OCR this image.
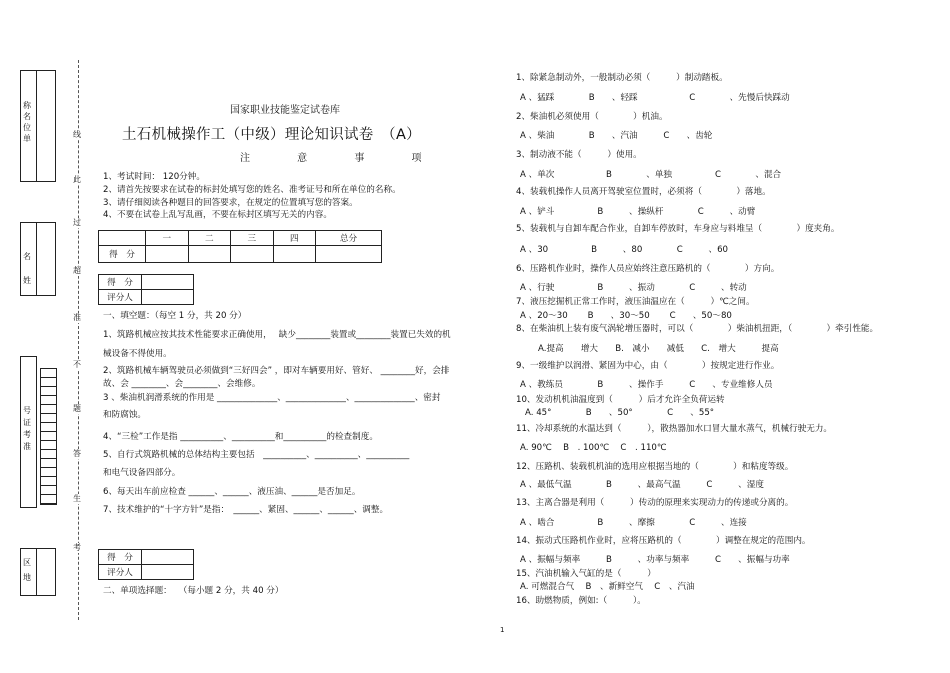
称名位单
名姓
号证考准
区地
线
此
过
超
准
不
题
答
生
考
国家职业技能鉴定试卷库
土石机械操作工（中级）理论知识试卷　（A）
注 意 事 项
1、考试时间： 120分钟。
2、请首先按要求在试卷的标封处填写您的姓名、准考证号和所在单位的名称。
3、请仔细阅读各种题目的回答要求，在规定的位置填写您的答案。
4、不要在试卷上乱写乱画，不要在标封区填写无关的内容。
	一	二	三	四	总分
得　分					
得　分	
评分人	
一、填空题：（每空 1 分，共 20 分）
1、筑路机械应按其技术性能要求正确使用，　 缺少________装置或________装置已失效的机
械设备不得使用。
2、筑路机械车辆驾驶员必须做到“三好四会” ，即对车辆要用好、管好、 ________好，会排
故、会 ________、会________、会维修。
3 、柴油机润滑系统的作用是 ______________、______________、______________、密封
和防腐蚀。
4、“三检”工作是指 __________、__________和__________的检查制度。
5、自行式筑路机械的总体结构主要包括　__________、__________、__________
和电气设备四部分。
6、每天出车前应检查 ______、______、液压油、______是否加足。
7、技术维护的“十字方针”是指：　______、紧固、______、______、调整。
得　分	
评分人	
二、单项选择题：　 （每小题 2 分，共 40 分）
1、除紧急制动外，一般制动必须（　　　）制动踏板。
A 、猛踩　　　　B　　、轻踩　　　　　　C　　　　、先慢后快踩动
2、柴油机必须使用（　　　　）机油。
A 、柴油　　　　B　　、汽油　　　C　　、齿轮
3、制动液不能（　　　）使用。
A 、单次　　　　　　B　　　　、单独　　　　　C　　　　、混合
4、装载机操作人员离开驾驶室位置时，必须将（　　　　）落地。
A 、铲斗　　　　　B　　　、操纵杆　　　　C　　　、动臂
5、装载机与自卸车配合作业，自卸车停放时，车身应与料堆呈（　　　　）度夹角。
A 、30　　　　　B　　　、80　　　　C　　　、60
6、压路机作业时，操作人员应始终注意压路机的（　　　　）方向。
A 、行驶　　　　　B　　　、振动　　　　C　　　、转动
7、液压挖掘机正常工作时，液压油温应在（　　　）℃之间。
A 、20～30　　 B　　、30～50　　 C　　、50～80
8、在柴油机上装有废气涡轮增压器时，可以（　　　　）柴油机扭距，（　　　　）牵引性能。
A.提高　　增大　　B.　减小　　减低　　C.　增大　　　提高
9、一级维护以润滑、紧固为中心，由（　　　　）按规定进行作业。
A 、教练员　　　　B　　　、操作手　　　C　　、专业维修人员
10、发动机机油温度到（　　　）后才允许全负荷运转
A. 45°　　　　B　　、50°　　　　C　　、55°
11、冷却系统的水温达到（　　　），散热器加水口冒大量水蒸气，机械行驶无力。
A. 90℃　 B　. 100℃　 C　. 110℃
12、压路机、装载机机油的选用应根据当地的（　　　　）和粘度等级。
A 、最低气温　　　　B　　　、最高气温　　　C　　　、湿度
13、主离合器是利用（　　　）传动的原理来实现动力的传递或分离的。
A 、啮合　　　　　B　　　、摩擦　　　　C　　　、连接
14、振动式压路机作业时，应将压路机的（　　　　）调整在规定的范围内。
A 、振幅与频率　　　B　　　、功率与频率　　　C　　、振幅与功率
15、汽油机输入气缸的是（　　　）
A. 可燃混合气　 B　、新鲜空气　 C　、汽油
16、助燃物质，例如:（　　　）。
1
